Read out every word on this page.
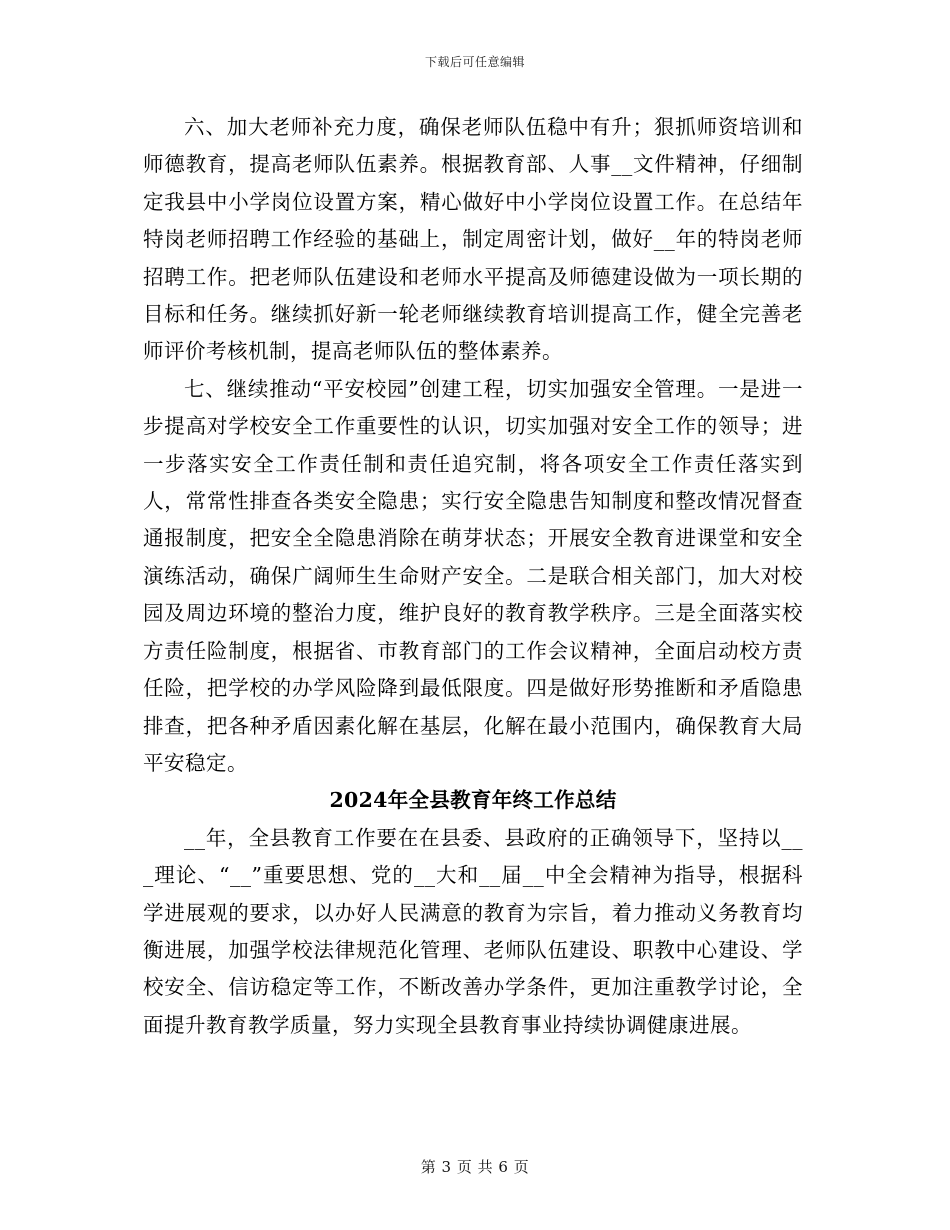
下载后可任意编辑

六、加大老师补充力度，确保老师队伍稳中有升；狠抓师资培训和师德教育，提高老师队伍素养。根据教育部、人事__文件精神，仔细制定我县中小学岗位设置方案，精心做好中小学岗位设置工作。在总结年特岗老师招聘工作经验的基础上，制定周密计划，做好__年的特岗老师招聘工作。把老师队伍建设和老师水平提高及师德建设做为一项长期的目标和任务。继续抓好新一轮老师继续教育培训提高工作，健全完善老师评价考核机制，提高老师队伍的整体素养。

七、继续推动“平安校园”创建工程，切实加强安全管理。一是进一步提高对学校安全工作重要性的认识，切实加强对安全工作的领导；进一步落实安全工作责任制和责任追究制，将各项安全工作责任落实到人，常常性排查各类安全隐患；实行安全隐患告知制度和整改情况督查通报制度，把安全全隐患消除在萌芽状态；开展安全教育进课堂和安全演练活动，确保广阔师生生命财产安全。二是联合相关部门，加大对校园及周边环境的整治力度，维护良好的教育教学秩序。三是全面落实校方责任险制度，根据省、市教育部门的工作会议精神，全面启动校方责任险，把学校的办学风险降到最低限度。四是做好形势推断和矛盾隐患排查，把各种矛盾因素化解在基层，化解在最小范围内，确保教育大局平安稳定。

2024年全县教育年终工作总结

__年，全县教育工作要在在县委、县政府的正确领导下，坚持以___理论、“__”重要思想、党的__大和__届__中全会精神为指导，根据科学进展观的要求，以办好人民满意的教育为宗旨，着力推动义务教育均衡进展，加强学校法律规范化管理、老师队伍建设、职教中心建设、学校安全、信访稳定等工作，不断改善办学条件，更加注重教学讨论，全面提升教育教学质量，努力实现全县教育事业持续协调健康进展。

第 3 页 共 6 页
